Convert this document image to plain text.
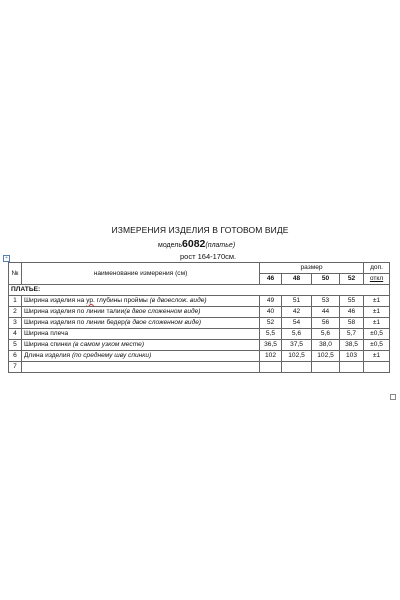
ИЗМЕРЕНИЯ ИЗДЕЛИЯ В ГОТОВОМ ВИДЕ
модель6082(платье)
рост 164-170см.
+
№	наименование измерения (см)	размер				доп.
		46	48	50	52	откл
ПЛАТЬЕ:						
1	Ширина изделия на ур. глубины проймы (в двоеслож. виде)	49	51	53	55	±1
2	Ширина изделия по линии талии(в двое сложенном виде)	40	42	44	46	±1
3	Ширина изделия по линии бедер(в двое сложенном виде)	52	54	56	58	±1
4	Ширина плеча	5,5	5,6	5,6	5,7	±0,5
5	Ширина спинки (в самом узком месте)	36,5	37,5	38,0	38,5	±0,5
6	Длина изделия (по среднему шву спинки)	102	102,5	102,5	103	±1
7						
